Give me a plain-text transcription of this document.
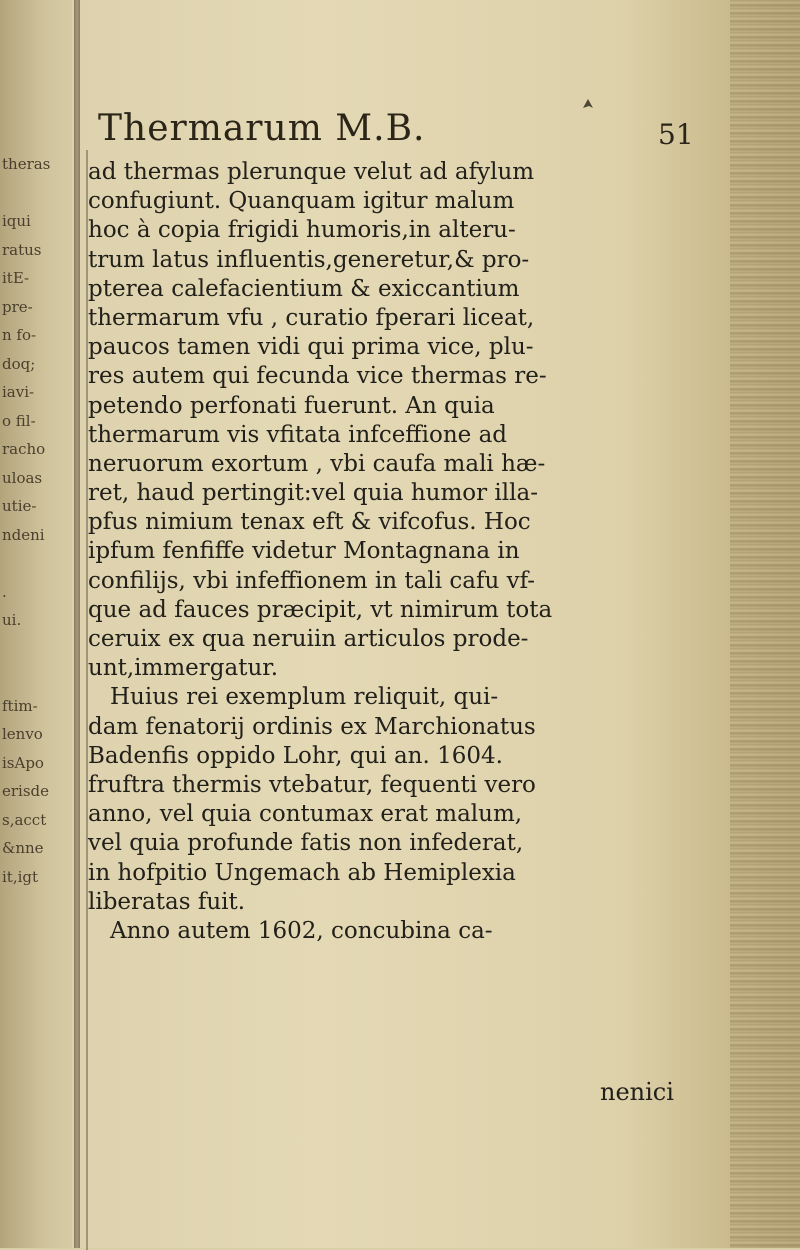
theras
iqui
ratus
itE-
pre-
n fo-
doq;
iavi-
o fil-
racho
uloas
utie-
ndeni
.
ui.
ftim-
lenvo
isApo
erisde
s,acct
&nne
it,igt
Thermarum M.B.	51
ad thermas plerunque velut ad afylum
confugiunt. Quanquam igitur malum
hoc à copia frigidi humoris,in alteru-
trum latus influentis,generetur,& pro-
pterea calefacientium & exiccantium
thermarum vfu , curatio fperari liceat,
paucos tamen vidi qui prima vice, plu-
res autem qui fecunda vice thermas re-
petendo perfonati fuerunt. An quia
thermarum vis vfitata infceffione ad
neruorum exortum , vbi caufa mali hæ-
ret, haud pertingit:vel quia humor illa-
pfus nimium tenax eft & vifcofus. Hoc
ipfum fenfiffe videtur Montagnana in
confilijs, vbi infeffionem in tali cafu vf-
que ad fauces præcipit, vt nimirum tota
ceruix ex qua neruiin articulos prode-
unt,immergatur.
Huius rei exemplum reliquit, qui-
dam fenatorij ordinis ex Marchionatus
Badenfis oppido Lohr, qui an. 1604.
fruftra thermis vtebatur, fequenti vero
anno, vel quia contumax erat malum,
vel quia profunde fatis non infederat,
in hofpitio Ungemach ab Hemiplexia
liberatas fuit.
Anno autem 1602, concubina ca-
nenici
